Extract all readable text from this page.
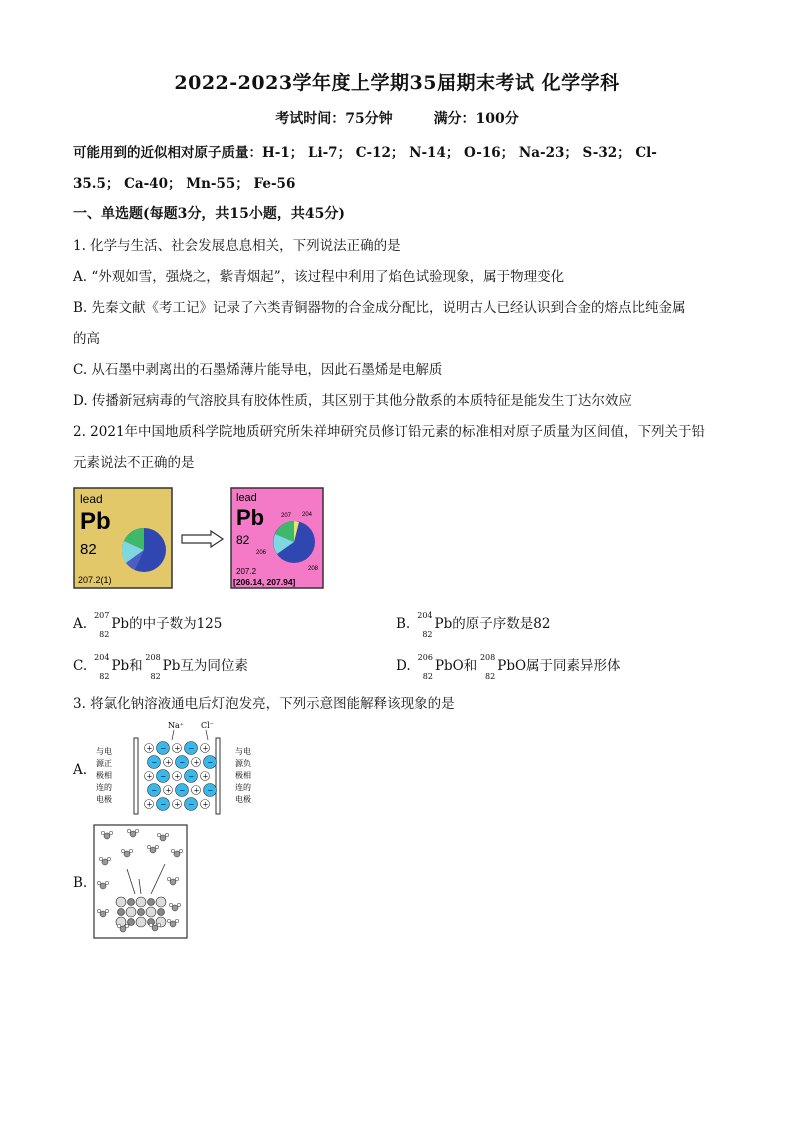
2022-2023学年度上学期35届期末考试 化学学科
考试时间：75分钟	满分：100分
可能用到的近似相对原子质量：H-1； Li-7； C-12； N-14； O-16； Na-23； S-32； Cl-
35.5； Ca-40； Mn-55； Fe-56
一、单选题(每题3分，共15小题，共45分)
1. 化学与生活、社会发展息息相关，下列说法正确的是
A. “外观如雪，强烧之，紫青烟起”，该过程中利用了焰色试验现象，属于物理变化
B. 先秦文献《考工记》记录了六类青铜器物的合金成分配比，说明古人已经认识到合金的熔点比纯金属
的高
C. 从石墨中剥离出的石墨烯薄片能导电，因此石墨烯是电解质
D. 传播新冠病毒的气溶胶具有胶体性质，其区别于其他分散系的本质特征是能发生丁达尔效应
2. 2021年中国地质科学院地质研究所朱祥坤研究员修订铅元素的标准相对原子质量为区间值，下列关于铅
元素说法不正确的是
lead
Pb
82
207.2(1)
lead
Pb
82
207.2
[206.14, 207.94]
207 204
206
208
A.
207
82
Pb的中子数为125	B.
204
82
Pb的原子序数是82
C.
204
82
Pb和
208
82
Pb互为同位素	D.
206
82
PbO和
208
82
PbO属于同素异形体
3. 将氯化钠溶液通电后灯泡发亮，下列示意图能解释该现象的是
A.
Na⁺ Cl⁻
与电
源正
极相
连的
电极
与电
源负
极相
连的
电极
+ − + − +
− + − + −
+ − + − +
− + − + −
+ − + − +
B.
